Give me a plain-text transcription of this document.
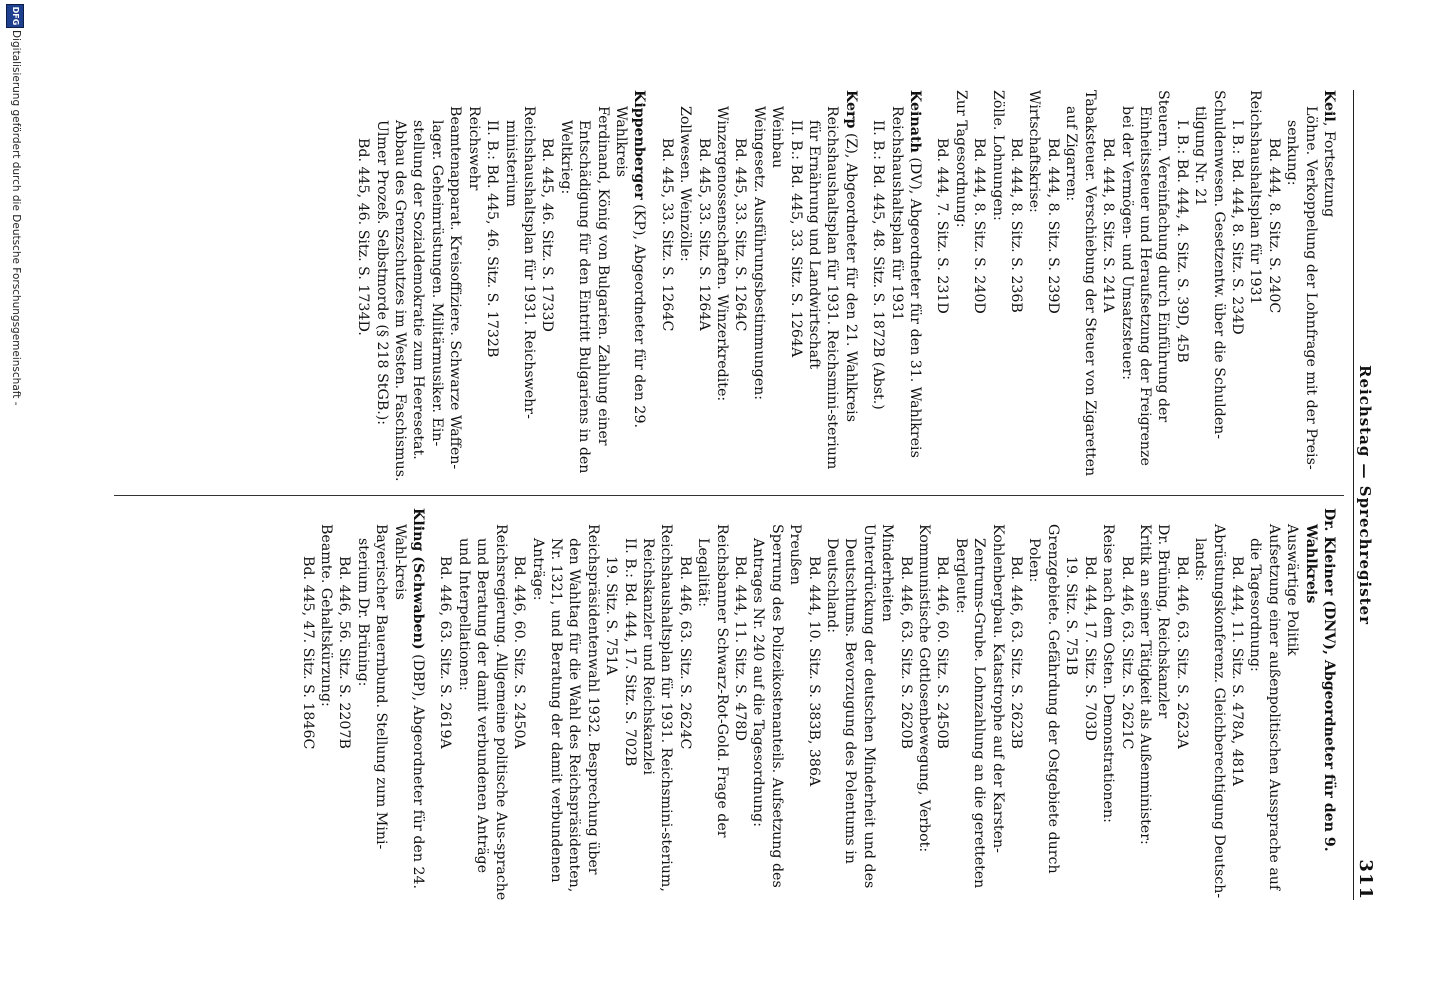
Reichstag — Sprechregister
311
Keil, Fortsetzung
Löhne. Verkoppelung der Lohnfrage mit der Preis-senkung:
Bd. 444, 8. Sitz. S. 240C
Reichshaushaltsplan für 1931
I. B.: Bd. 444, 8. Sitz. S. 234D
Schuldenwesen. Gesetzentw. über die Schulden-tilgung Nr. 21
I. B.: Bd. 444, 4. Sitz. S. 39D, 45B
Steuern. Vereinfachung durch Einführung der Einheitssteuer und Heraufsetzung der Freigrenze bei der Vermögen- und Umsatzsteuer:
Bd. 444, 8. Sitz. S. 241A
Tabaksteuer. Verschiebung der Steuer von Zigaretten auf Zigarren:
Bd. 444, 8. Sitz. S. 239D
Wirtschaftskrise:
Bd. 444, 8. Sitz. S. 236B
Zölle. Lohnungen:
Bd. 444, 8. Sitz. S. 240D
Zur Tagesordnung:
Bd. 444, 7. Sitz. S. 231D
Keinath (DV), Abgeordneter für den 31. Wahlkreis
Reichshaushaltsplan für 1931
II. B.: Bd. 445, 48. Sitz. S. 1872B (Abst.)
Kerp (Z), Abgeordneter für den 21. Wahlkreis
Reichshaushaltsplan für 1931. Reichsmini-sterium für Ernährung und Landwirtschaft
II. B.: Bd. 445, 33. Sitz. S. 1264A
Weinbau
Weingesetz. Ausführungsbestimmungen:
Bd. 445, 33. Sitz. S. 1264C
Winzergenossenschaften. Winzerkredite:
Bd. 445, 33. Sitz. S. 1264A
Zollwesen. Weinzölle:
Bd. 445, 33. Sitz. S. 1264C
Kippenberger (KP), Abgeordneter für den 29. Wahlkreis
Ferdinand, König von Bulgarien. Zahlung einer Entschädigung für den Eintritt Bulgariens in den Weltkrieg:
Bd. 445, 46. Sitz. S. 1733D
Reichshaushaltsplan für 1931. Reichswehr-ministerium
II. B.: Bd. 445, 46. Sitz. S. 1732B
Reichswehr
Beamtenapparat. Kreisoffiziere. Schwarze Waffen-lager. Geheimrüstungen. Militärmusiker. Ein-stellung der Sozialdemokratie zum Heeresetat. Abbau des Grenzschutzes im Westen. Faschismus. Ulmer Prozeß. Selbstmorde (§ 218 StGB.):
Bd. 445, 46. Sitz. S. 1734D.
Dr. Kleiner (DNV), Abgeordneter für den 9. Wahlkreis
Auswärtige Politik
Aufsetzung einer außenpolitischen Aussprache auf die Tagesordnung:
Bd. 444, 11. Sitz. S. 478A, 481A
Abrüstungskonferenz. Gleichberechtigung Deutsch-lands:
Bd. 446, 63. Sitz. S. 2623A
Dr. Brüning, Reichskanzler
Kritik an seiner Tätigkeit als Außenminister:
Bd. 446, 63. Sitz. S. 2621C
Reise nach dem Osten. Demonstrationen:
Bd. 444, 17. Sitz. S. 703D
19. Sitz. S. 751B
Grenzgebiete. Gefährdung der Ostgebiete durch Polen:
Bd. 446, 63. Sitz. S. 2623B
Kohlenbergbau. Katastrophe auf der Karsten-Zentrums-Grube. Lohnzahlung an die geretteten Bergleute:
Bd. 446, 60. Sitz. S. 2450B
Kommunistische Gottlosenbewegung, Verbot:
Bd. 446, 63. Sitz. S. 2620B
Minderheiten
Unterdrückung der deutschen Minderheit und des Deutschtums. Bevorzugung des Polentums in Deutschland:
Bd. 444, 10. Sitz. S. 383B, 386A
Preußen
Sperrung des Polizeikostenanteils. Aufsetzung des Antrages Nr. 240 auf die Tagesordnung:
Bd. 444, 11. Sitz. S. 478D
Reichsbanner Schwarz-Rot-Gold. Frage der Legalität:
Bd. 446, 63. Sitz. S. 2624C
Reichshaushaltsplan für 1931. Reichsmini-sterium, Reichskanzler und Reichskanzlei
II. B.: Bd. 444, 17. Sitz. S. 702B
19. Sitz. S. 751A
Reichspräsidentenwahl 1932. Besprechung über den Wahltag für die Wahl des Reichspräsidenten, Nr. 1321, und Beratung der damit verbundenen Anträge:
Bd. 446, 60. Sitz. S. 2450A
Reichsregierung. Allgemeine politische Aus-sprache und Beratung der damit verbundenen Anträge und Interpellationen:
Bd. 446, 63. Sitz. S. 2619A
Kling (Schwaben) (DBP), Abgeordneter für den 24. Wahl-kreis
Bayerischer Bauernbund. Stellung zum Mini-sterium Dr. Brüning:
Bd. 446, 56. Sitz. S. 2207B
Beamte. Gehaltskürzung:
Bd. 445, 47. Sitz. S. 1846C
DFG
Digitalisierung gefördert durch die Deutsche Forschungsgemeinschaft -
